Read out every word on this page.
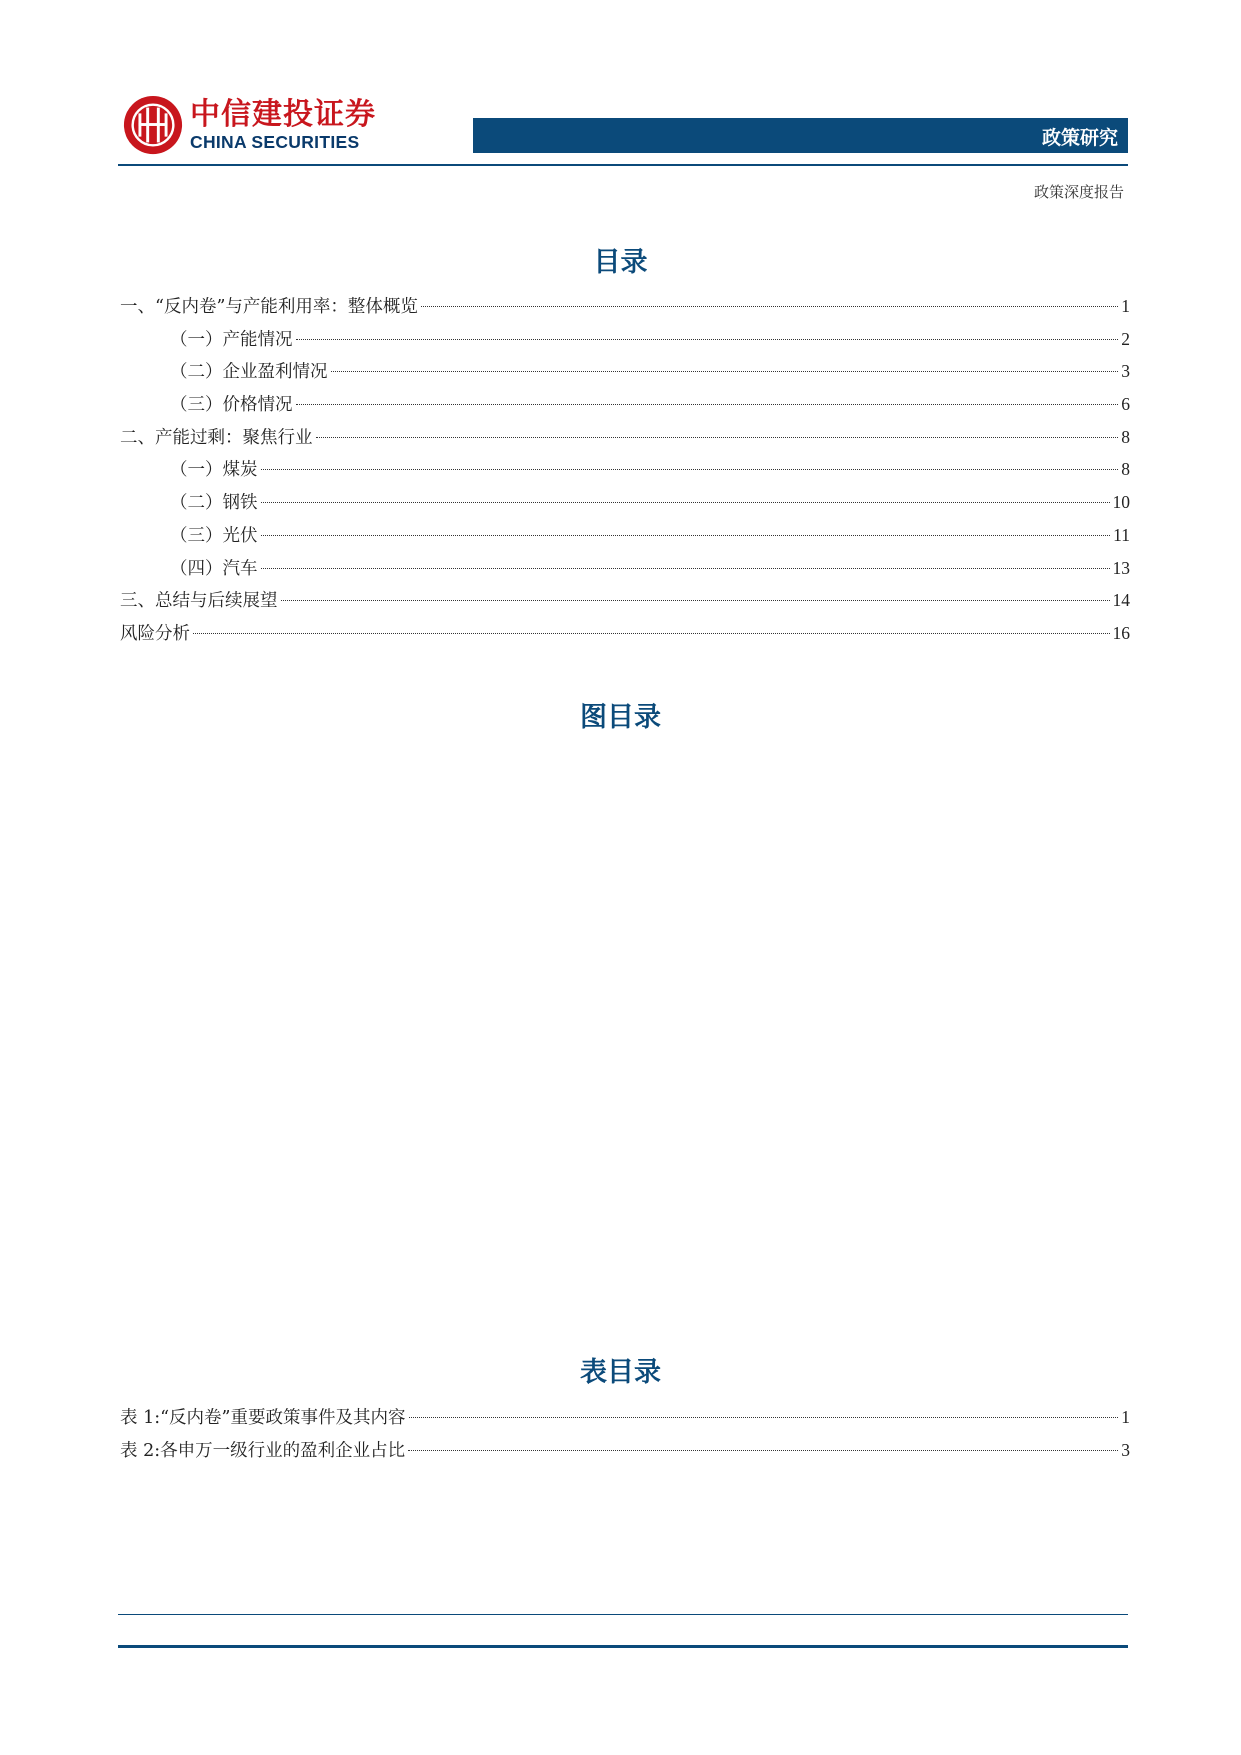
中信建投证券
CHINA SECURITIES	政策研究
政策深度报告
目录
一、“反内卷”与产能利用率：整体概览	1
（一）产能情况	2
（二）企业盈利情况	3
（三）价格情况	6
二、产能过剩：聚焦行业	8
（一）煤炭	8
（二）钢铁	10
（三）光伏	11
（四）汽车	13
三、总结与后续展望	14
风险分析	16
图目录
表目录
表 1:“反内卷”重要政策事件及其内容	1
表 2:各申万一级行业的盈利企业占比	3
